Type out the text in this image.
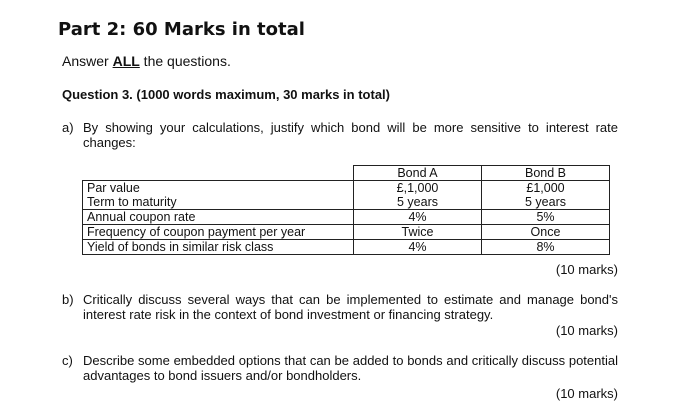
Part 2: 60 Marks in total
Answer ALL the questions.
Question 3. (1000 words maximum, 30 marks in total)
a) By showing your calculations, justify which bond will be more sensitive to interest rate changes:
	Bond A	Bond B
Par value	£,1,000	£1,000
Term to maturity	5 years	5 years
Annual coupon rate	4%	5%
Frequency of coupon payment per year	Twice	Once
Yield of bonds in similar risk class	4%	8%
(10 marks)
b) Critically discuss several ways that can be implemented to estimate and manage bond's interest rate risk in the context of bond investment or financing strategy.
(10 marks)
c) Describe some embedded options that can be added to bonds and critically discuss potential advantages to bond issuers and/or bondholders.
(10 marks)
